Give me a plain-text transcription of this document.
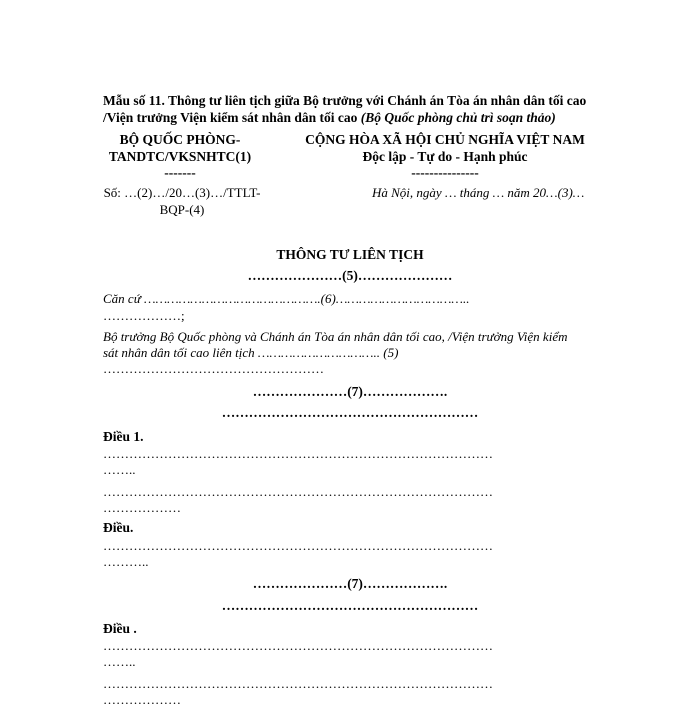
Mẫu số 11. Thông tư liên tịch giữa Bộ trưởng với Chánh án Tòa án nhân dân tối cao
/Viện trưởng Viện kiểm sát nhân dân tối cao (Bộ Quốc phòng chủ trì soạn thảo)
BỘ QUỐC PHÒNG-
TANDTC/VKSNHTC(1)
-------
Số: …(2)…/20…(3)…/TTLT-
BQP-(4)
CỘNG HÒA XÃ HỘI CHỦ NGHĨA VIỆT NAM
Độc lập - Tự do - Hạnh phúc
---------------
Hà Nội, ngày … tháng … năm 20…(3)…
THÔNG TƯ LIÊN TỊCH
…………………(5)…………………
Căn cứ ……………………………………….(6)……………………………..
………………;
Bộ trưởng Bộ Quốc phòng và Chánh án Tòa án nhân dân tối cao, /Viện trưởng Viện kiểm
sát nhân dân tối cao liên tịch ………………………….. (5)
……………………………………………
…………………(7)……………….
…………………………………………………
Điều 1.
………………………………………………………………………………
……..
………………………………………………………………………………
………………
Điều.
………………………………………………………………………………
………..
…………………(7)……………….
…………………………………………………
Điều .
………………………………………………………………………………
……..
………………………………………………………………………………
………………
